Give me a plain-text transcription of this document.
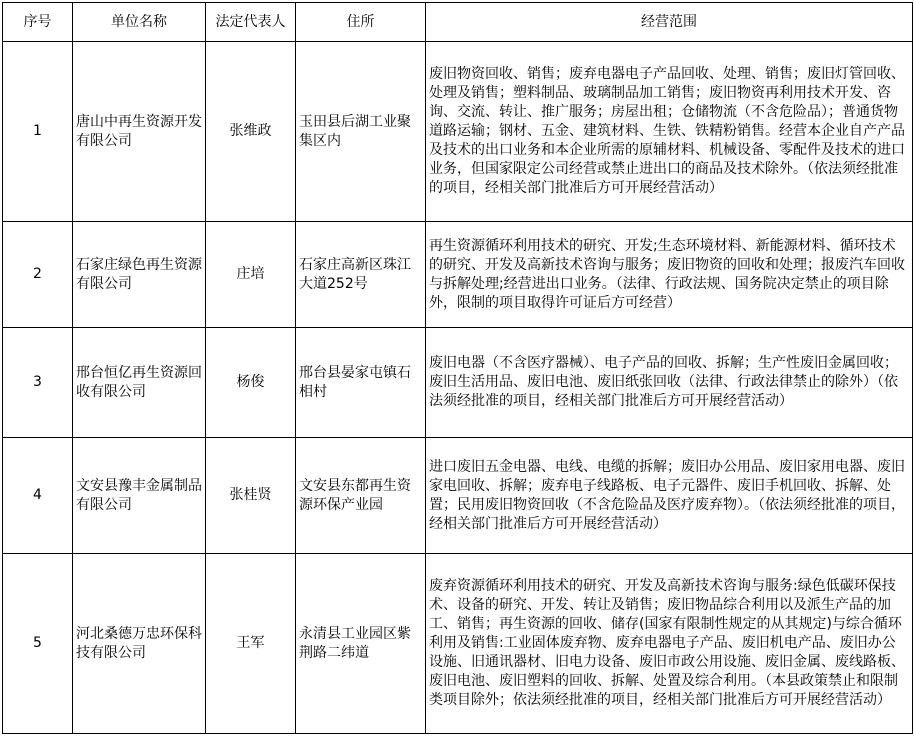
序号	单位名称	法定代表人	住所	经营范围
1	唐山中再生资源开发有限公司	张维政	玉田县后湖工业聚集区内	废旧物资回收、销售；废弃电器电子产品回收、处理、销售；废旧灯管回收、处理及销售；塑料制品、玻璃制品加工销售；废旧物资再利用技术开发、咨询、交流、转让、推广服务；房屋出租；仓储物流（不含危险品）；普通货物道路运输；钢材、五金、建筑材料、生铁、铁精粉销售。经营本企业自产产品及技术的出口业务和本企业所需的原辅材料、机械设备、零配件及技术的进口业务，但国家限定公司经营或禁止进出口的商品及技术除外。（依法须经批准的项目，经相关部门批准后方可开展经营活动）
2	石家庄绿色再生资源有限公司	庄培	石家庄高新区珠江大道252号	再生资源循环利用技术的研究、开发;生态环境材料、新能源材料、循环技术的研究、开发及高新技术咨询与服务；废旧物资的回收和处理；报废汽车回收与拆解处理;经营进出口业务。（法律、行政法规、国务院决定禁止的项目除外，限制的项目取得许可证后方可经营）
3	邢台恒亿再生资源回收有限公司	杨俊	邢台县晏家屯镇石相村	废旧电器（不含医疗器械）、电子产品的回收、拆解；生产性废旧金属回收；废旧生活用品、废旧电池、废旧纸张回收（法律、行政法律禁止的除外）（依法须经批准的项目，经相关部门批准后方可开展经营活动）
4	文安县豫丰金属制品有限公司	张桂贤	文安县东都再生资源环保产业园	进口废旧五金电器、电线、电缆的拆解；废旧办公用品、废旧家用电器、废旧家电回收、拆解；废弃电子线路板、电子元器件、废旧手机回收、拆解、处置；民用废旧物资回收（不含危险品及医疗废弃物）。（依法须经批准的项目，经相关部门批准后方可开展经营活动）
5	河北桑德万忠环保科技有限公司	王军	永清县工业园区紫荆路二纬道	废弃资源循环利用技术的研究、开发及高新技术咨询与服务:绿色低碳环保技术、设备的研究、开发、转让及销售；废旧物品综合利用以及派生产品的加工、销售；再生资源的回收、储存(国家有限制性规定的从其规定)与综合循环利用及销售:工业固体废弃物、废弃电器电子产品、废旧机电产品、废旧办公设施、旧通讯器材、旧电力设备、废旧市政公用设施、废旧金属、废线路板、废旧电池、废旧塑料的回收、拆解、处置及综合利用。（本县政策禁止和限制类项目除外；依法须经批准的项目，经相关部门批准后方可开展经营活动）
